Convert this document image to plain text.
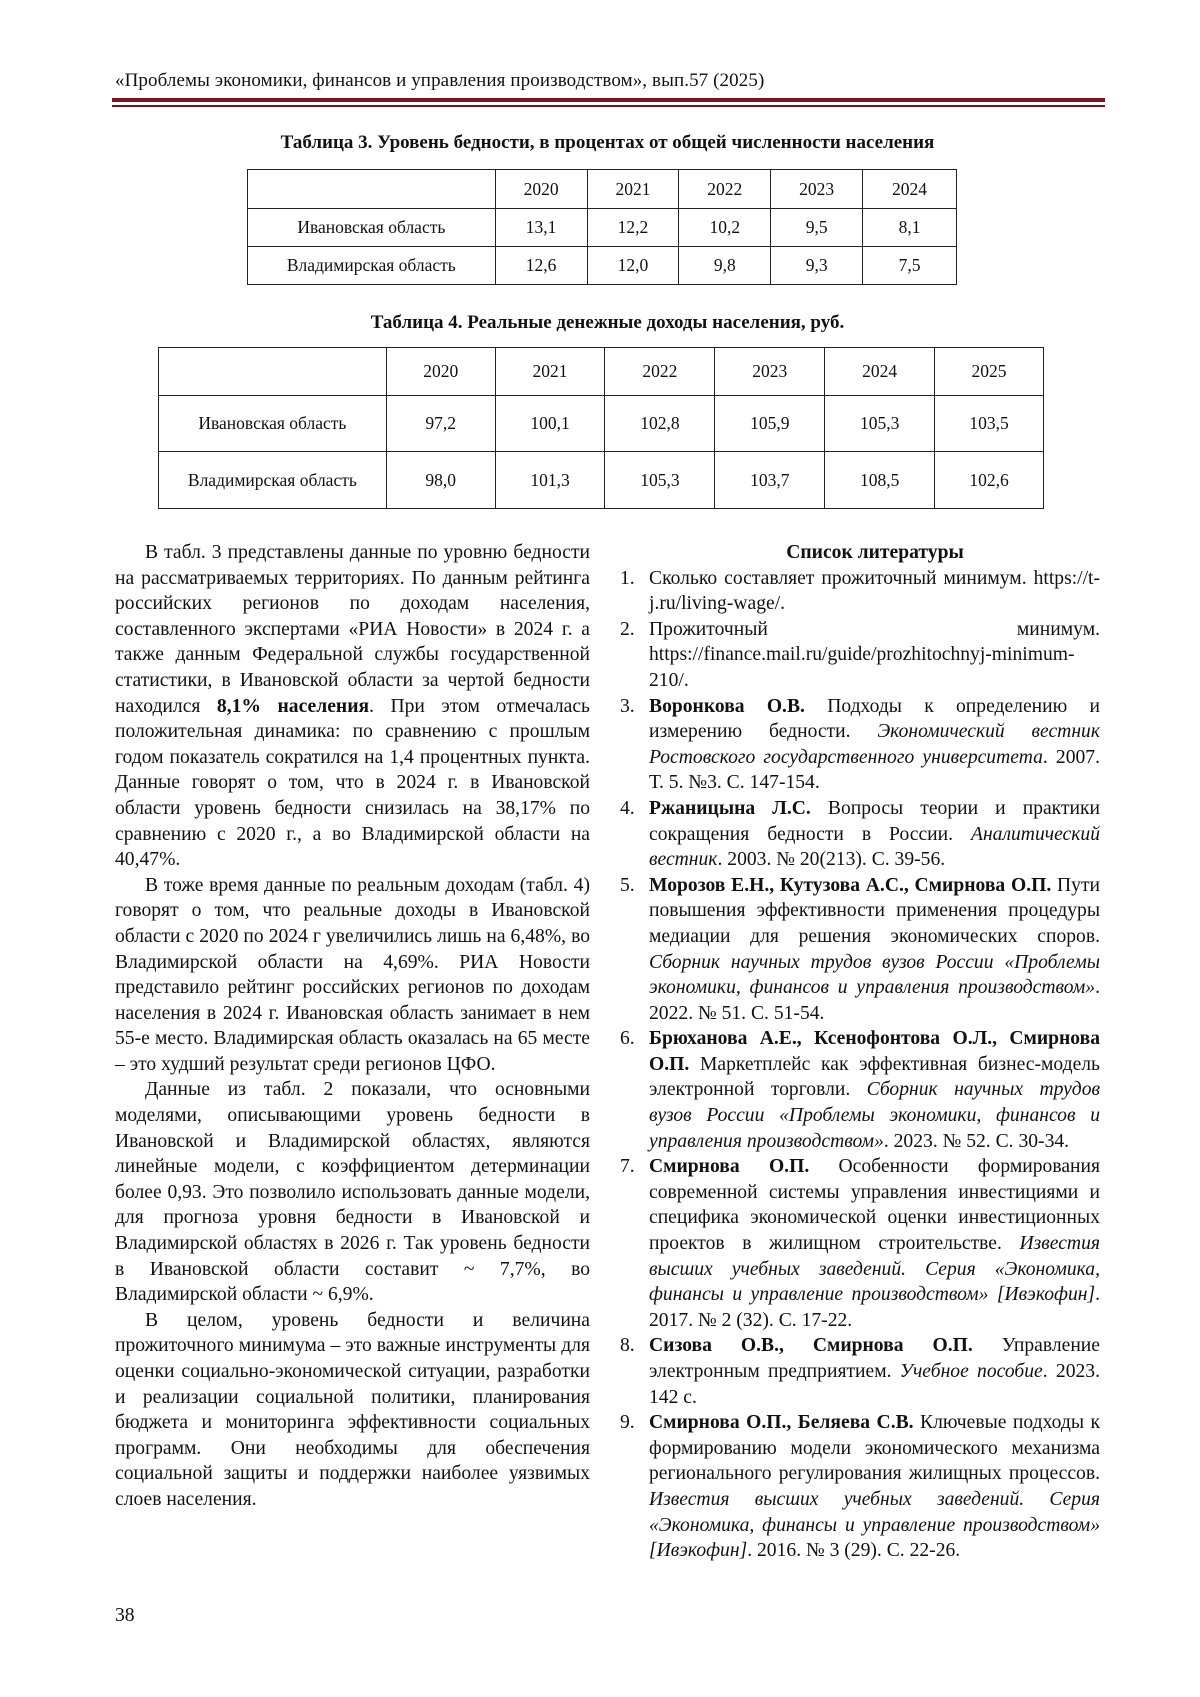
«Проблемы экономики, финансов и управления производством», вып.57 (2025)
Таблица 3. Уровень бедности, в процентах от общей численности населения
	2020	2021	2022	2023	2024
Ивановская область	13,1	12,2	10,2	9,5	8,1
Владимирская область	12,6	12,0	9,8	9,3	7,5
Таблица 4. Реальные денежные доходы населения, руб.
	2020	2021	2022	2023	2024	2025
Ивановская область	97,2	100,1	102,8	105,9	105,3	103,5
Владимирская область	98,0	101,3	105,3	103,7	108,5	102,6

В табл. 3 представлены данные по уровню бедности на рассматриваемых территориях. По данным рейтинга российских регионов по доходам населения, составленного экспертами «РИА Новости» в 2024 г. а также данным Федеральной службы государственной статистики, в Ивановской области за чертой бедности находился 8,1% населения. При этом отмечалась положительная динамика: по сравнению с прошлым годом показатель сократился на 1,4 процентных пункта. Данные говорят о том, что в 2024 г. в Ивановской области уровень бедности снизилась на 38,17% по сравнению с 2020 г., а во Владимирской области на 40,47%.

В тоже время данные по реальным доходам (табл. 4) говорят о том, что реальные доходы в Ивановской области с 2020 по 2024 г увеличились лишь на 6,48%, во Владимирской области на 4,69%. РИА Новости представило рейтинг российских регионов по доходам населения в 2024 г. Ивановская область занимает в нем 55-е место. Владимирская область оказалась на 65 месте – это худший результат среди регионов ЦФО.

Данные из табл. 2 показали, что основными моделями, описывающими уровень бедности в Ивановской и Владимирской областях, являются линейные модели, с коэффициентом детерминации более 0,93. Это позволило использовать данные модели, для прогноза уровня бедности в Ивановской и Владимирской областях в 2026 г. Так уровень бедности в Ивановской области составит ~ 7,7%, во Владимирской области ~ 6,9%.

В целом, уровень бедности и величина прожиточного минимума – это важные инструменты для оценки социально-экономической ситуации, разработки и реализации социальной политики, планирования бюджета и мониторинга эффективности социальных программ. Они необходимы для обеспечения социальной защиты и поддержки наиболее уязвимых слоев населения.

Список литературы

1. Сколько составляет прожиточный минимум. https://t-j.ru/living-wage/.
2. Прожиточный минимум. https://finance.mail.ru/guide/prozhitochnyj-minimum-210/.
3. Воронкова О.В. Подходы к определению и измерению бедности. Экономический вестник Ростовского государственного университета. 2007. Т. 5. №3. С. 147-154.
4. Ржаницына Л.С. Вопросы теории и практики сокращения бедности в России. Аналитический вестник. 2003. № 20(213). С. 39-56.
5. Морозов Е.Н., Кутузова А.С., Смирнова О.П. Пути повышения эффективности применения процедуры медиации для решения экономических споров. Сборник научных трудов вузов России «Проблемы экономики, финансов и управления производством». 2022. № 51. С. 51-54.
6. Брюханова А.Е., Ксенофонтова О.Л., Смирнова О.П. Маркетплейс как эффективная бизнес-модель электронной торговли. Сборник научных трудов вузов России «Проблемы экономики, финансов и управления производством». 2023. № 52. С. 30-34.
7. Смирнова О.П. Особенности формирования современной системы управления инвестициями и специфика экономической оценки инвестиционных проектов в жилищном строительстве. Известия высших учебных заведений. Серия «Экономика, финансы и управление производством» [Ивэкофин]. 2017. № 2 (32). С. 17-22.
8. Сизова О.В., Смирнова О.П. Управление электронным предприятием. Учебное пособие. 2023. 142 с.
9. Смирнова О.П., Беляева С.В. Ключевые подходы к формированию модели экономического механизма регионального регулирования жилищных процессов. Известия высших учебных заведений. Серия «Экономика, финансы и управление производством» [Ивэкофин]. 2016. № 3 (29). С. 22-26.
38
